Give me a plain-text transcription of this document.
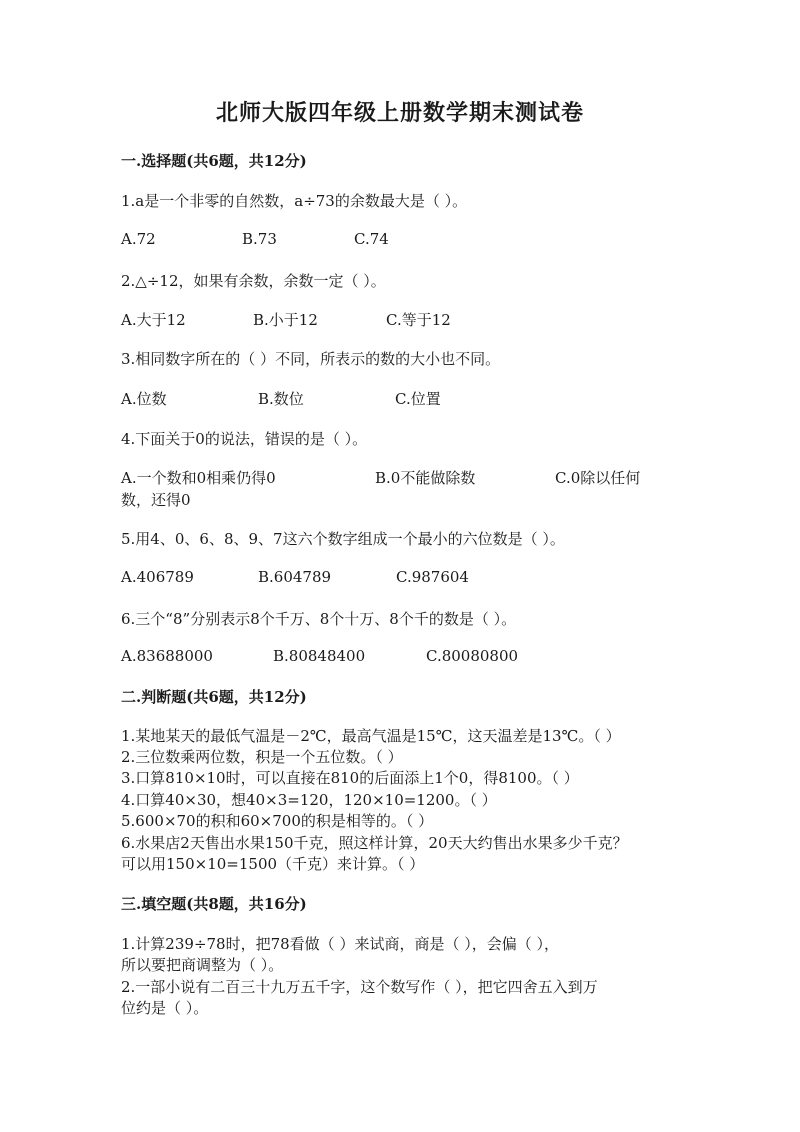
北师大版四年级上册数学期末测试卷
一.选择题(共6题，共12分)
1.a是一个非零的自然数，a÷73的余数最大是（ ）。
A.72	B.73	C.74
2.△÷12，如果有余数，余数一定（ ）。
A.大于12	B.小于12	C.等于12
3.相同数字所在的（ ）不同，所表示的数的大小也不同。
A.位数	B.数位	C.位置
4.下面关于0的说法，错误的是（ ）。
A.一个数和0相乘仍得0	B.0不能做除数	C.0除以任何
数，还得0
5.用4、0、6、8、9、7这六个数字组成一个最小的六位数是（ ）。
A.406789	B.604789	C.987604
6.三个“8”分别表示8个千万、8个十万、8个千的数是（ ）。
A.83688000	B.80848400	C.80080800
二.判断题(共6题，共12分)
1.某地某天的最低气温是－2℃，最高气温是15℃，这天温差是13℃。（ ）
2.三位数乘两位数，积是一个五位数。（ ）
3.口算810×10时，可以直接在810的后面添上1个0，得8100。（ ）
4.口算40×30，想40×3=120，120×10=1200。（ ）
5.600×70的积和60×700的积是相等的。（ ）
6.水果店2天售出水果150千克，照这样计算，20天大约售出水果多少千克？
可以用150×10=1500（千克）来计算。（ ）
三.填空题(共8题，共16分)
1.计算239÷78时，把78看做（ ）来试商，商是（ ），会偏（ ），
所以要把商调整为（ ）。
2.一部小说有二百三十九万五千字，这个数写作（ ），把它四舍五入到万
位约是（ ）。
